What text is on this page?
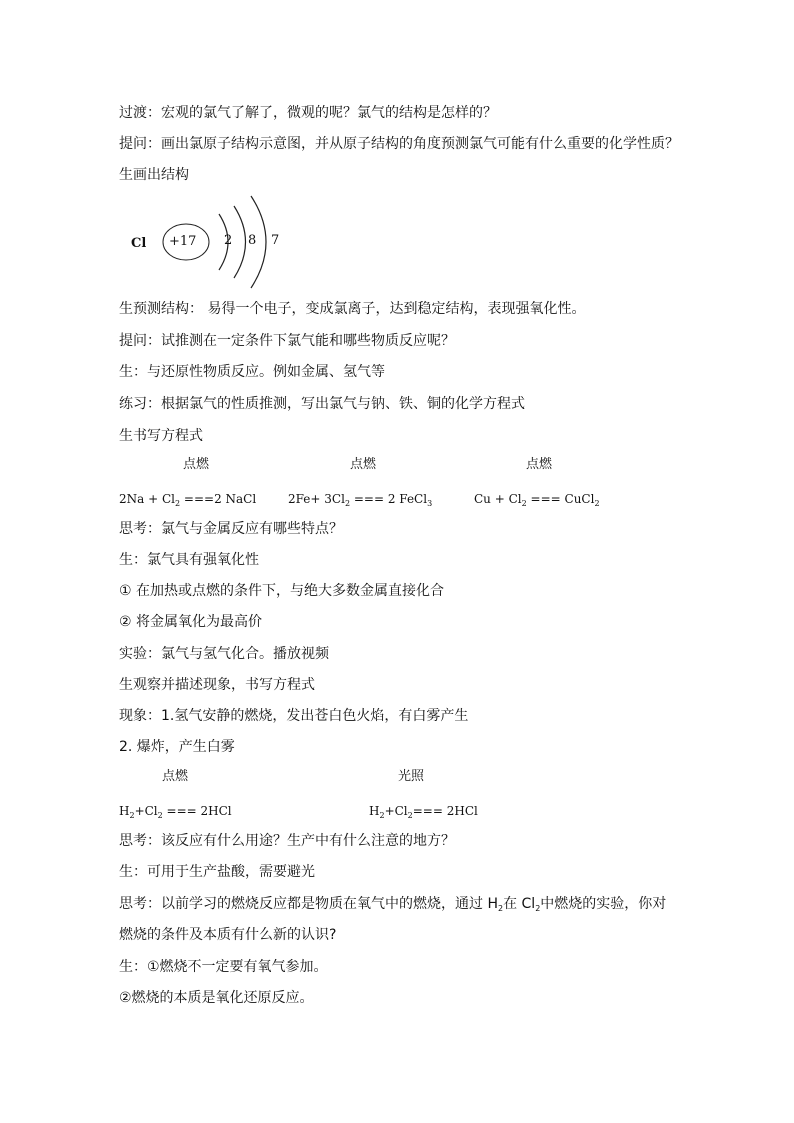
过渡：宏观的氯气了解了，微观的呢？氯气的结构是怎样的？
提问：画出氯原子结构示意图，并从原子结构的角度预测氯气可能有什么重要的化学性质？
生画出结构
Cl +17 2 8 7
生预测结构： 易得一个电子，变成氯离子，达到稳定结构，表现强氧化性。
提问：试推测在一定条件下氯气能和哪些物质反应呢？
生：与还原性物质反应。例如金属、氢气等
练习：根据氯气的性质推测，写出氯气与钠、铁、铜的化学方程式
生书写方程式
点燃	点燃	点燃
$2Na + Cl_2 ===2$ NaCl	$2Fe+ 3Cl_2$ === 2 FeCl$_3$	$Cu + Cl_2$ === CuCl$_2$
思考：氯气与金属反应有哪些特点？
生：氯气具有强氧化性
① 在加热或点燃的条件下，与绝大多数金属直接化合
② 将金属氧化为最高价
实验：氯气与氢气化合。播放视频
生观察并描述现象，书写方程式
现象：1.氢气安静的燃烧，发出苍白色火焰，有白雾产生
2. 爆炸，产生白雾
点燃	光照
$H_2+Cl_2$ === 2HCl	$H_2+Cl_2=== 2HCl$
思考：该反应有什么用途？生产中有什么注意的地方？
生：可用于生产盐酸，需要避光
思考：以前学习的燃烧反应都是物质在氧气中的燃烧，通过 $H_2$在 $Cl_2$中燃烧的实验，你对
燃烧的条件及本质有什么新的认识?
生：①燃烧不一定要有氧气参加。
②燃烧的本质是氧化还原反应。
